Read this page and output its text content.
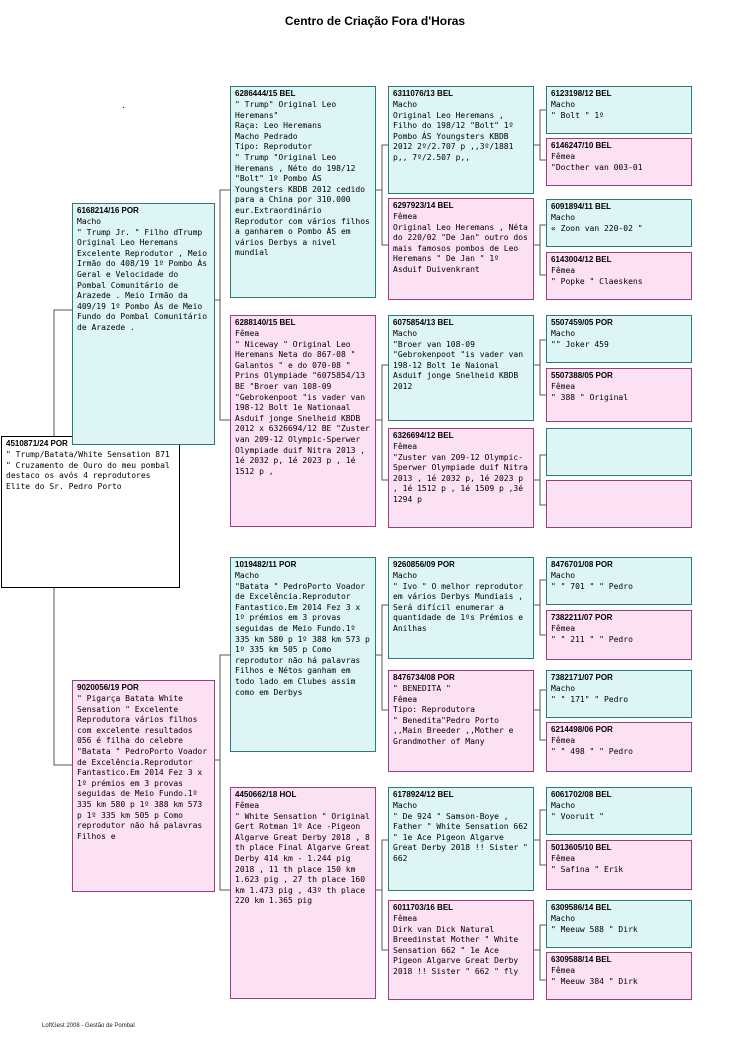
Centro de Criação Fora d'Horas
.
4510871/24 POR
" Trump/Batata/White Sensation 871 " Cruzamento de Ouro do meu pombal destaco os avós 4 reprodutores Elite do Sr. Pedro Porto
6168214/16 POR
Macho
" Trump Jr. " Filho dTrump Original Leo Heremans Excelente Reprodutor , Meio Irmão do 408/19 1º Pombo Ás Geral e Velocidade do Pombal Comunitário de Arazede . Meio Irmão da 409/19 1º Pombo Ás de Meio Fundo do Pombal Comunitário de Arazede .
9020056/19 POR
" Pigarça Batata White Sensation " Excelente Reprodutora vários filhos com excelente resultados 056 é filha do celebre "Batata " PedroPorto Voador de Excelência.Reprodutor Fantastico.Em 2014 Fez 3 x 1º prémios em 3 provas seguidas de Meio Fundo.1º 335 km 580 p 1º 388 km 573 p 1º 335 km 505 p Como reprodutor não há palavras Filhos e
6286444/15 BEL
" Trump" Original Leo Heremans"
Raça: Leo Heremans
Macho Pedrado
Tipo: Reprodutor
" Trump "Original Leo Heremans , Néto do 198/12 "Bolt" 1º Pombo ÁS Youngsters KBDB 2012 cedido para a China por 310.000 eur.Extraordinário Reprodutor com vários filhos a ganharem o Pombo ÁS em vários Derbys a nivel mundial
6288140/15 BEL
Fêmea
" Niceway " Original Leo Heremans Neta do 867-08 " Galantos " e do 070-08 " Prins Olympiade "6075854/13 BE "Broer van 108-09 "Gebrokenpoot "is vader van 198-12 Bolt 1e Nationaal Asduif jonge Snelheid KBDB 2012 x 6326694/12 BE "Zuster van 209-12 Olympic-Sperwer Olympiade duif Nitra 2013 , 1é 2032 p, 1é 2023 p , 1é 1512 p ,
1019482/11 POR
Macho
"Batata " PedroPorto Voador de Excelência.Reprodutor Fantastico.Em 2014 Fez 3 x 1º prémios em 3 provas seguidas de Meio Fundo.1º 335 km 580 p 1º 388 km 573 p 1º 335 km 505 p Como reprodutor não há palavras Filhos e Nétos ganham em todo lado em Clubes assim como em Derbys
4450662/18 HOL
Fêmea
" White Sensation " Original Gert Rotman 1º Ace -Pigeon Algarve Great Derby 2018 , 8 th place Final Algarve Great Derby 414 km - 1.244 pig 2018 , 11 th place 150 km 1.623 pig , 27 th place 160 km 1.473 pig , 43º th place 220 km 1.365 pig
6311076/13 BEL
Macho
Original Leo Heremans , Filho do 198/12 "Bolt" 1º Pombo ÁS Youngsters KBDB 2012 2º/2.707 p ,,3º/1881 p,, 7º/2.507 p,,
6297923/14 BEL
Fêmea
Original Leo Heremans , Néta do 220/02 "De Jan" outro dos mais famosos pombos de Leo Heremans " De Jan " 1º Asduif Duivenkrant
6075854/13 BEL
Macho
"Broer van 108-09 "Gebrokenpoot "is vader van 198-12 Bolt 1e Naional Asduif jonge Snelheid KBDB 2012
6326694/12 BEL
Fêmea
"Zuster van 209-12 Olympic-Sperwer Olympiade duif Nitra 2013 , 1é 2032 p, 1é 2023 p , 1é 1512 p , 1é 1509 p ,3é 1294 p
9260856/09 POR
Macho
" Ivo " O melhor reprodutor em vários Derbys Mundiais , Será difícil enumerar a quantidade de 1ºs Prémios e Anilhas
8476734/08 POR
" BENEDITA "
Fêmea
Tipo: Reprodutora
" Benedita"Pedro Porto ,,Main Breeder ,,Mother e Grandmother of Many
6178924/12 BEL
Macho
" De 924 " Samson-Boye , Father " White Sensation 662 " 1e Ace Pigeon Algarve Great Derby 2018 !! Sister " 662
6011703/16 BEL
Fêmea
Dirk van Dick Natural Breedinstat Mother " White Sensation 662 " 1e Ace Pigeon Algarve Great Derby 2018 !! Sister " 662 " fly
6123198/12 BEL
Macho
" Bolt " 1º
6146247/10 BEL
Fêmea
"Docther van 003-01
6091894/11 BEL
Macho
« Zoon van 220-02 "
6143004/12 BEL
Fêmea
" Popke " Claeskens
5507459/05 POR
Macho
"" Joker 459
5507388/05 POR
Fêmea
" 388 " Original
8476701/08 POR
Macho
" " 701 " " Pedro
7382211/07 POR
Fêmea
" " 211 " " Pedro
7382171/07 POR
Macho
" " 171" " Pedro
6214498/06 POR
Fêmea
" " 498 " " Pedro
6061702/08 BEL
Macho
" Vooruit "
5013605/10 BEL
Fêmea
" Safina " Erik
6309586/14 BEL
Macho
" Meeuw 588 " Dirk
6309588/14 BEL
Fêmea
" Meeuw 384 " Dirk
LoftGest 2008 - Gestão de Pombal
